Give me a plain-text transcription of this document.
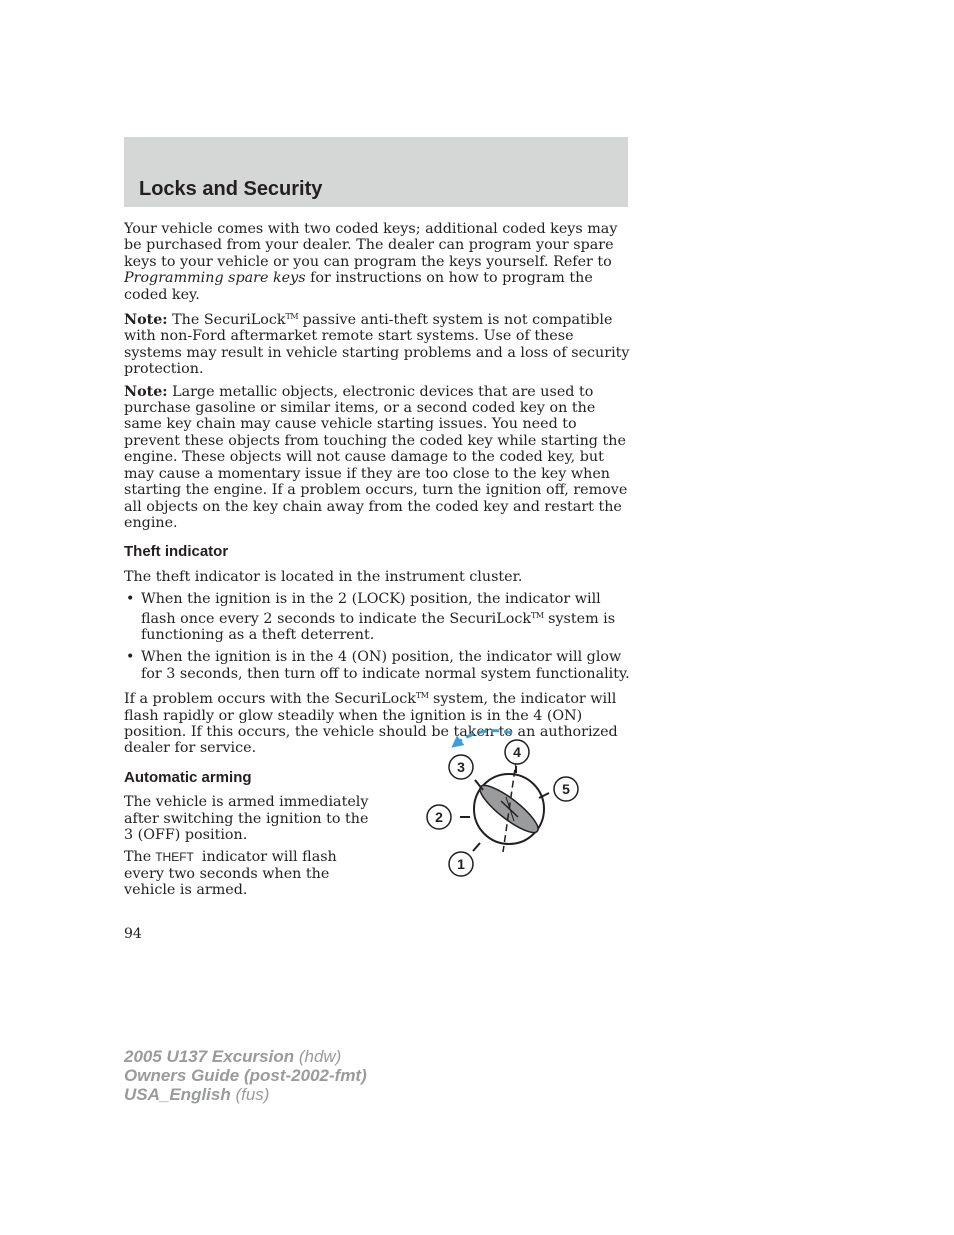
Locks and Security

Your vehicle comes with two coded keys; additional coded keys may be purchased from your dealer. The dealer can program your spare keys to your vehicle or you can program the keys yourself. Refer to Programming spare keys for instructions on how to program the coded key.

Note: The SecuriLock™ passive anti-theft system is not compatible with non-Ford aftermarket remote start systems. Use of these systems may result in vehicle starting problems and a loss of security protection.

Note: Large metallic objects, electronic devices that are used to purchase gasoline or similar items, or a second coded key on the same key chain may cause vehicle starting issues. You need to prevent these objects from touching the coded key while starting the engine. These objects will not cause damage to the coded key, but may cause a momentary issue if they are too close to the key when starting the engine. If a problem occurs, turn the ignition off, remove all objects on the key chain away from the coded key and restart the engine.

Theft indicator

The theft indicator is located in the instrument cluster.

• When the ignition is in the 2 (LOCK) position, the indicator will flash once every 2 seconds to indicate the SecuriLock™ system is functioning as a theft deterrent.
• When the ignition is in the 4 (ON) position, the indicator will glow for 3 seconds, then turn off to indicate normal system functionality.

If a problem occurs with the SecuriLock™ system, the indicator will flash rapidly or glow steadily when the ignition is in the 4 (ON) position. If this occurs, the vehicle should be taken to an authorized dealer for service.

Automatic arming

The vehicle is armed immediately after switching the ignition to the 3 (OFF) position.

The THEFT indicator will flash every two seconds when the vehicle is armed.

3
4
5
2
1
94
2005 U137 Excursion (hdw)
Owners Guide (post-2002-fmt)
USA_English (fus)
